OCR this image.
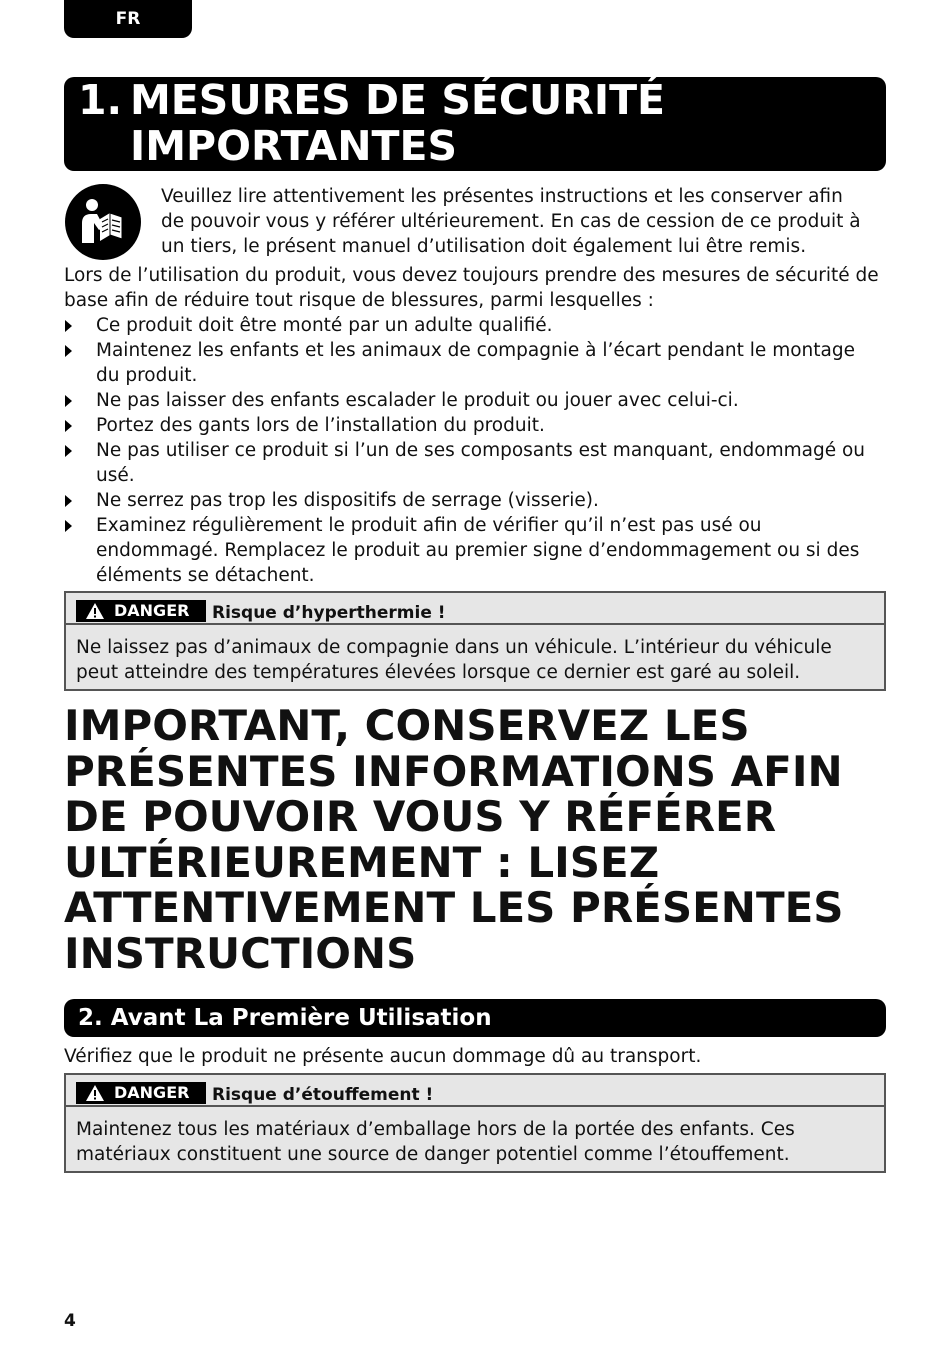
FR
1. MESURES DE SÉCURITÉ IMPORTANTES
Veuillez lire attentivement les présentes instructions et les conserver afin de pouvoir vous y référer ultérieurement. En cas de cession de ce produit à un tiers, le présent manuel d’utilisation doit également lui être remis.
Lors de l’utilisation du produit, vous devez toujours prendre des mesures de sécurité de base afin de réduire tout risque de blessures, parmi lesquelles :
Ce produit doit être monté par un adulte qualifié.
Maintenez les enfants et les animaux de compagnie à l’écart pendant le montage du produit.
Ne pas laisser des enfants escalader le produit ou jouer avec celui-ci.
Portez des gants lors de l’installation du produit.
Ne pas utiliser ce produit si l’un de ses composants est manquant, endommagé ou usé.
Ne serrez pas trop les dispositifs de serrage (visserie).
Examinez régulièrement le produit afin de vérifier qu’il n’est pas usé ou endommagé. Remplacez le produit au premier signe d’endommagement ou si des éléments se détachent.
DANGER	Risque d’hyperthermie !
Ne laissez pas d’animaux de compagnie dans un véhicule. L’intérieur du véhicule peut atteindre des températures élevées lorsque ce dernier est garé au soleil.
IMPORTANT, CONSERVEZ LES PRÉSENTES INFORMATIONS AFIN DE POUVOIR VOUS Y RÉFÉRER ULTÉRIEUREMENT : LISEZ ATTENTIVEMENT LES PRÉSENTES INSTRUCTIONS
2. Avant La Première Utilisation
Vérifiez que le produit ne présente aucun dommage dû au transport.
DANGER	Risque d’étouffement !
Maintenez tous les matériaux d’emballage hors de la portée des enfants. Ces matériaux constituent une source de danger potentiel comme l’étouffement.
4
